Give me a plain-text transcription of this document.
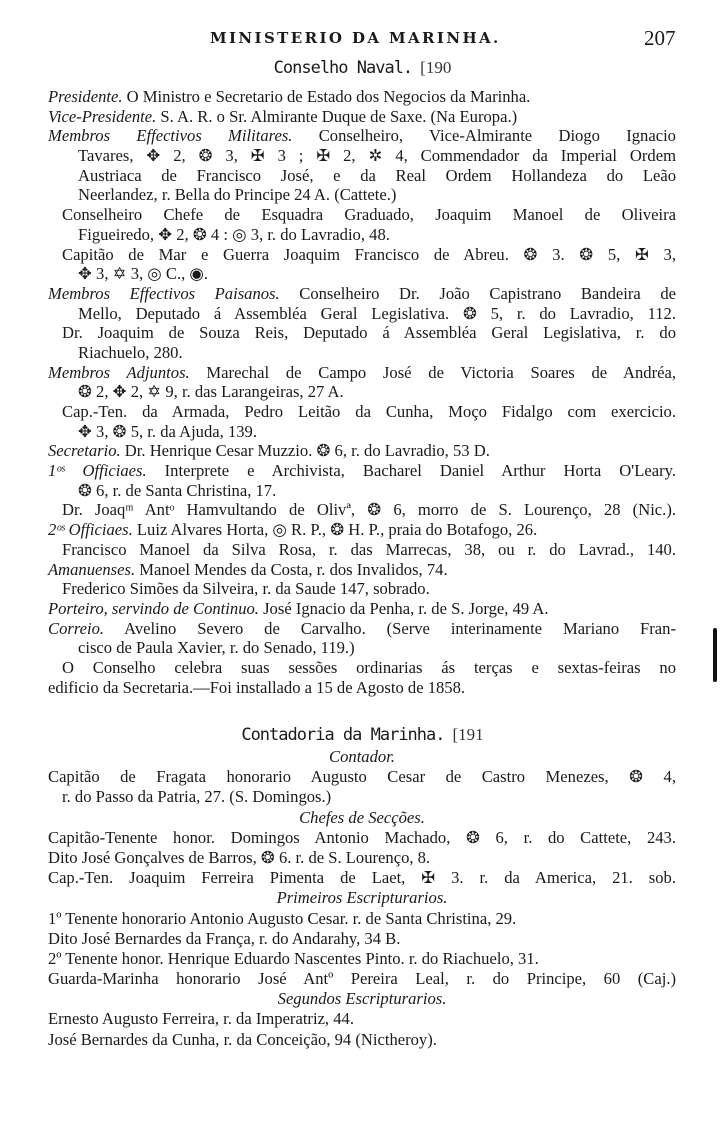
MINISTERIO DA MARINHA.	207
Conselho Naval. [190
Presidente. O Ministro e Secretario de Estado dos Negocios da Marinha.
Vice-Presidente. S. A. R. o Sr. Almirante Duque de Saxe. (Na Europa.)
Membros Effectivos Militares. Conselheiro, Vice-Almirante Diogo Ignacio
Tavares, ✥ 2, ❂ 3, ✠ 3 ; ✠ 2, ✲ 4, Commendador da Imperial Ordem
Austriaca de Francisco José, e da Real Ordem Hollandeza do Leão
Neerlandez, r. Bella do Principe 24 A. (Cattete.)
Conselheiro Chefe de Esquadra Graduado, Joaquim Manoel de Oliveira
Figueiredo, ✥ 2, ❂ 4 : ◎ 3, r. do Lavradio, 48.
Capitão de Mar e Guerra Joaquim Francisco de Abreu. ❂ 3. ❂ 5, ✠ 3,
✥ 3, ✡ 3, ◎ C., ◉.
Membros Effectivos Paisanos. Conselheiro Dr. João Capistrano Bandeira de
Mello, Deputado á Assembléa Geral Legislativa. ❂ 5, r. do Lavradio, 112.
Dr. Joaquim de Souza Reis, Deputado á Assembléa Geral Legislativa, r. do
Riachuelo, 280.
Membros Adjuntos. Marechal de Campo José de Victoria Soares de Andréa,
❂ 2, ✥ 2, ✡ 9, r. das Larangeiras, 27 A.
Cap.-Ten. da Armada, Pedro Leitão da Cunha, Moço Fidalgo com exercicio.
✥ 3, ❂ 5, r. da Ajuda, 139.
Secretario. Dr. Henrique Cesar Muzzio. ❂ 6, r. do Lavradio, 53 D.
1ᵒˢ Officiaes. Interprete e Archivista, Bacharel Daniel Arthur Horta O'Leary.
❂ 6, r. de Santa Christina, 17.
Dr. Joaqᵐ Antᵒ Hamvultando de Olivª, ❂ 6, morro de S. Lourenço, 28 (Nic.).
2ᵒˢ Officiaes. Luiz Alvares Horta, ◎ R. P., ❂ H. P., praia do Botafogo, 26.
Francisco Manoel da Silva Rosa, r. das Marrecas, 38, ou r. do Lavrad., 140.
Amanuenses. Manoel Mendes da Costa, r. dos Invalidos, 74.
Frederico Simões da Silveira, r. da Saude 147, sobrado.
Porteiro, servindo de Continuo. José Ignacio da Penha, r. de S. Jorge, 49 A.
Correio. Avelino Severo de Carvalho. (Serve interinamente Mariano Fran-
cisco de Paula Xavier, r. do Senado, 119.)
O Conselho celebra suas sessões ordinarias ás terças e sextas-feiras no
edificio da Secretaria.—Foi installado a 15 de Agosto de 1858.
Contadoria da Marinha. [191
Contador.
Capitão de Fragata honorario Augusto Cesar de Castro Menezes, ❂ 4,
r. do Passo da Patria, 27. (S. Domingos.)
Chefes de Secções.
Capitão-Tenente honor. Domingos Antonio Machado, ❂ 6, r. do Cattete, 243.
Dito José Gonçalves de Barros, ❂ 6. r. de S. Lourenço, 8.
Cap.-Ten. Joaquim Ferreira Pimenta de Laet, ✠ 3. r. da America, 21. sob.
Primeiros Escripturarios.
1º Tenente honorario Antonio Augusto Cesar. r. de Santa Christina, 29.
Dito José Bernardes da França, r. do Andarahy, 34 B.
2º Tenente honor. Henrique Eduardo Nascentes Pinto. r. do Riachuelo, 31.
Guarda-Marinha honorario José Antº Pereira Leal, r. do Principe, 60 (Caj.)
Segundos Escripturarios.
Ernesto Augusto Ferreira, r. da Imperatriz, 44.
José Bernardes da Cunha, r. da Conceição, 94 (Nictheroy).
